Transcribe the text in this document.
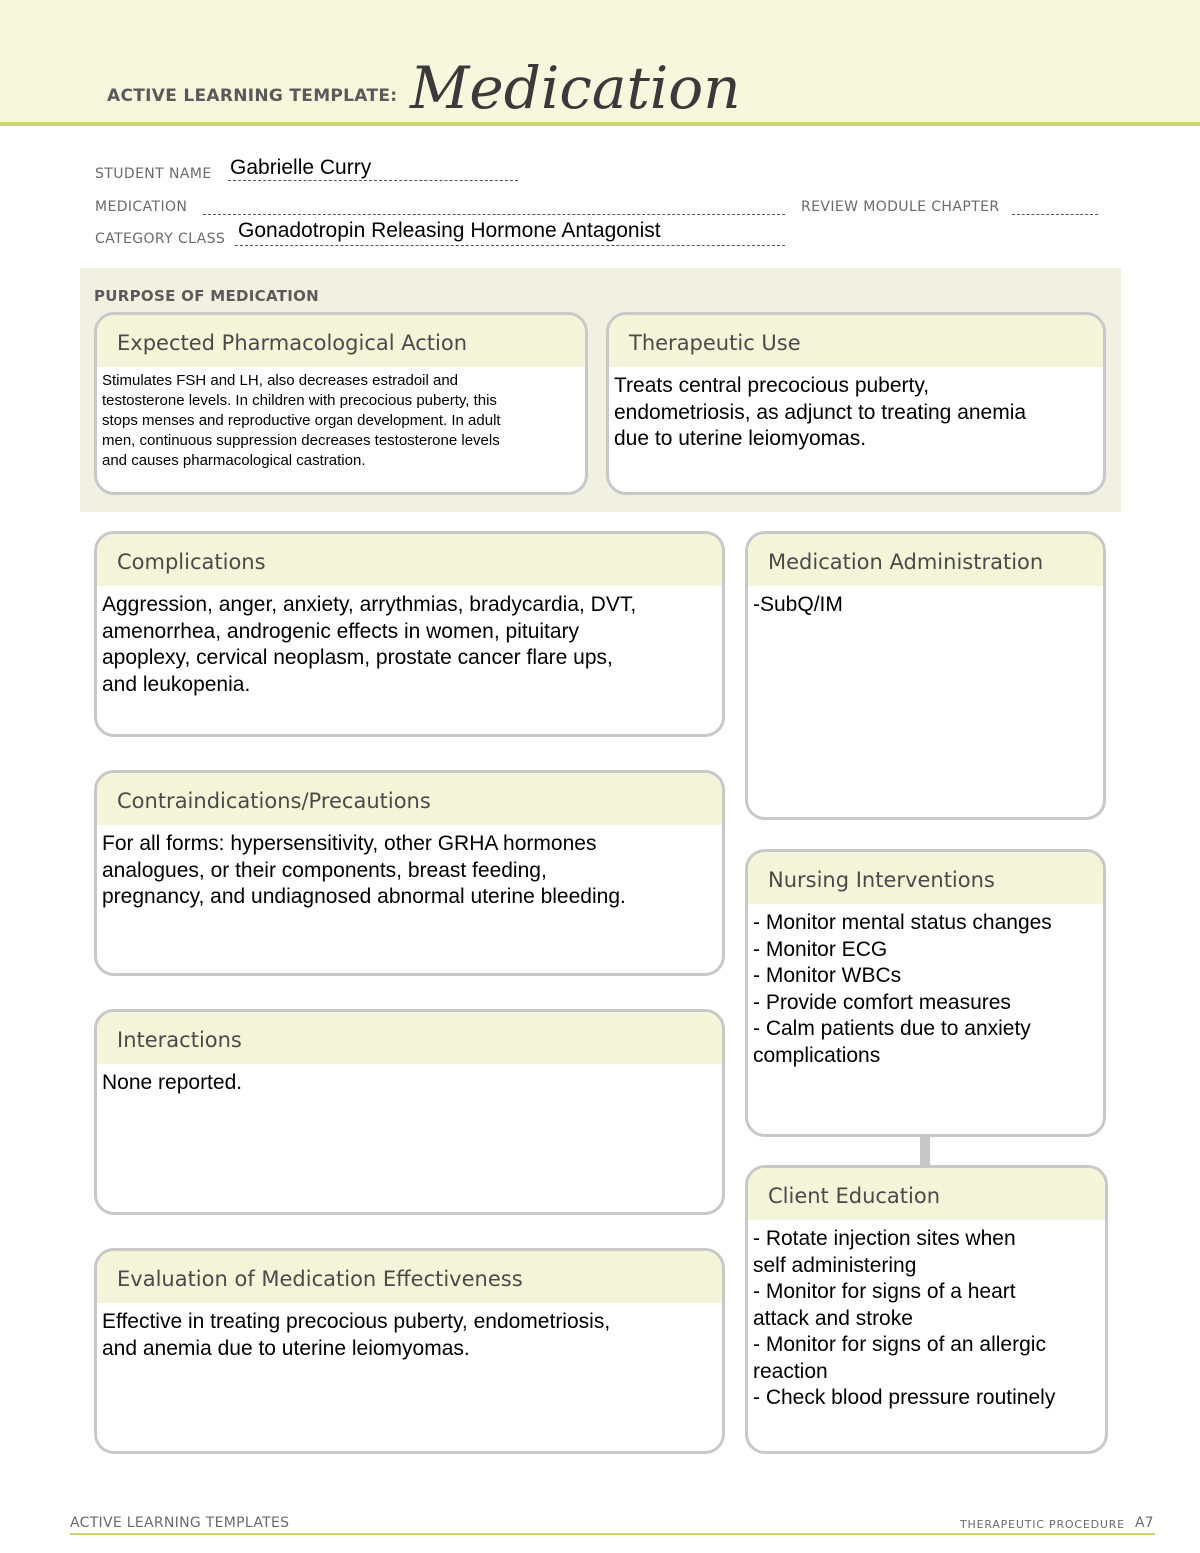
ACTIVE LEARNING TEMPLATE: Medication
STUDENT NAME Gabrielle Curry
MEDICATION	REVIEW MODULE CHAPTER
CATEGORY CLASS Gonadotropin Releasing Hormone Antagonist
PURPOSE OF MEDICATION
Expected Pharmacological Action
Stimulates FSH and LH, also decreases estradoil and
testosterone levels. In children with precocious puberty, this
stops menses and reproductive organ development. In adult
men, continuous suppression decreases testosterone levels
and causes pharmacological castration.
Therapeutic Use
Treats central precocious puberty,
endometriosis, as adjunct to treating anemia
due to uterine leiomyomas.
Complications
Aggression, anger, anxiety, arrythmias, bradycardia, DVT,
amenorrhea, androgenic effects in women, pituitary
apoplexy, cervical neoplasm, prostate cancer flare ups,
and leukopenia.
Contraindications/Precautions
For all forms: hypersensitivity, other GRHA hormones
analogues, or their components, breast feeding,
pregnancy, and undiagnosed abnormal uterine bleeding.
Interactions
None reported.
Evaluation of Medication Effectiveness
Effective in treating precocious puberty, endometriosis,
and anemia due to uterine leiomyomas.
Medication Administration
-SubQ/IM
Nursing Interventions
- Monitor mental status changes
- Monitor ECG
- Monitor WBCs
- Provide comfort measures
- Calm patients due to anxiety
complications
Client Education
- Rotate injection sites when
self administering
- Monitor for signs of a heart
attack and stroke
- Monitor for signs of an allergic
reaction
- Check blood pressure routinely
ACTIVE LEARNING TEMPLATES	THERAPEUTIC PROCEDURE A7
